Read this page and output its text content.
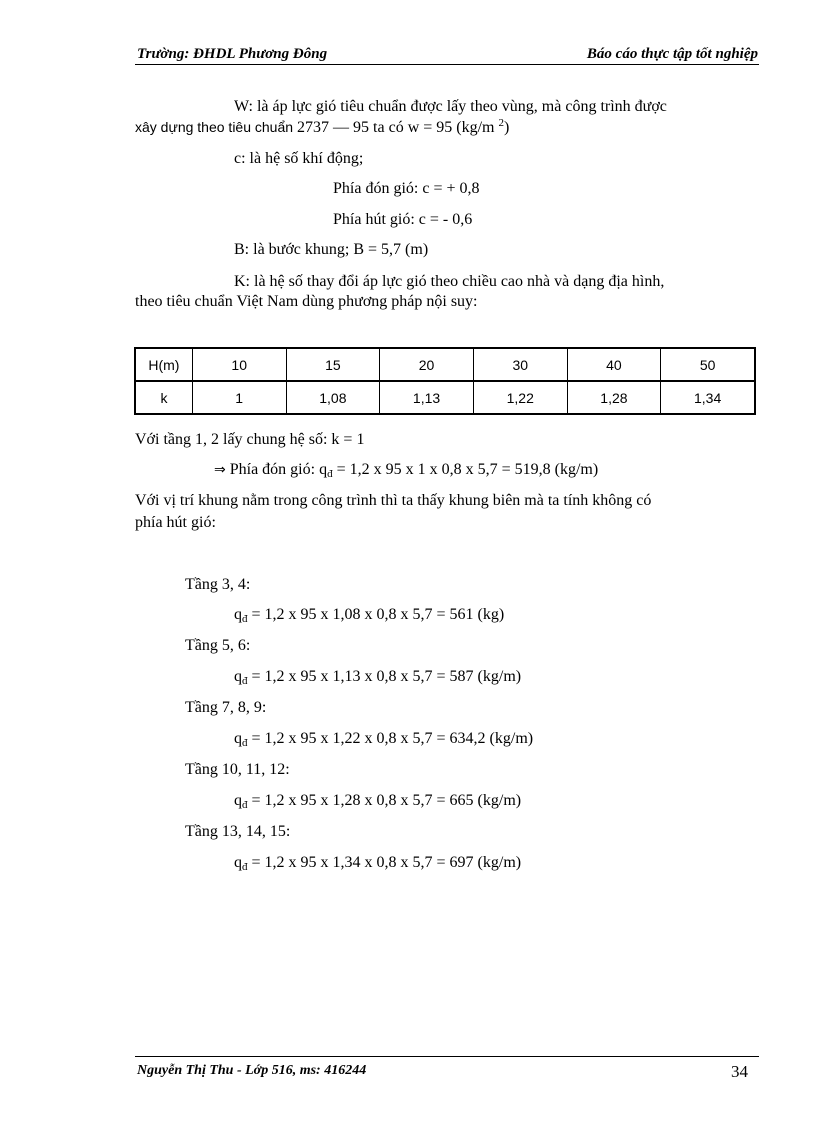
Trường: ĐHDL Phương Đông	Báo cáo thực tập tốt nghiệp
W: là áp lực gió tiêu chuẩn được lấy theo vùng, mà công trình được
xây dựng theo tiêu chuẩn 2737 — 95 ta có w = 95 (kg/m $^2$)
c: là hệ số khí động;
Phía đón gió: c = + 0,8
Phía hút gió: c = - 0,6
B: là bước khung; B = 5,7 (m)
K: là hệ số thay đổi áp lực gió theo chiều cao nhà và dạng địa hình,
theo tiêu chuẩn Việt Nam dùng phương pháp nội suy:
H(m)	10	15	20	30	40	50
k	1	1,08	1,13	1,22	1,28	1,34
Với tầng 1, 2 lấy chung hệ số: k = 1
⇒ Phía đón gió: qđ = 1,2 x 95 x 1 x 0,8 x 5,7 = 519,8 (kg/m)
Với vị trí khung nằm trong công trình thì ta thấy khung biên mà ta tính không có
phía hút gió:
Tầng 3, 4:
qđ = 1,2 x 95 x 1,08 x 0,8 x 5,7 = 561 (kg)
Tầng 5, 6:
qđ = 1,2 x 95 x 1,13 x 0,8 x 5,7 = 587 (kg/m)
Tầng 7, 8, 9:
qđ = 1,2 x 95 x 1,22 x 0,8 x 5,7 = 634,2 (kg/m)
Tầng 10, 11, 12:
qđ = 1,2 x 95 x 1,28 x 0,8 x 5,7 = 665 (kg/m)
Tầng 13, 14, 15:
qđ = 1,2 x 95 x 1,34 x 0,8 x 5,7 = 697 (kg/m)
Nguyễn Thị Thu - Lớp 516, ms: 416244	34
